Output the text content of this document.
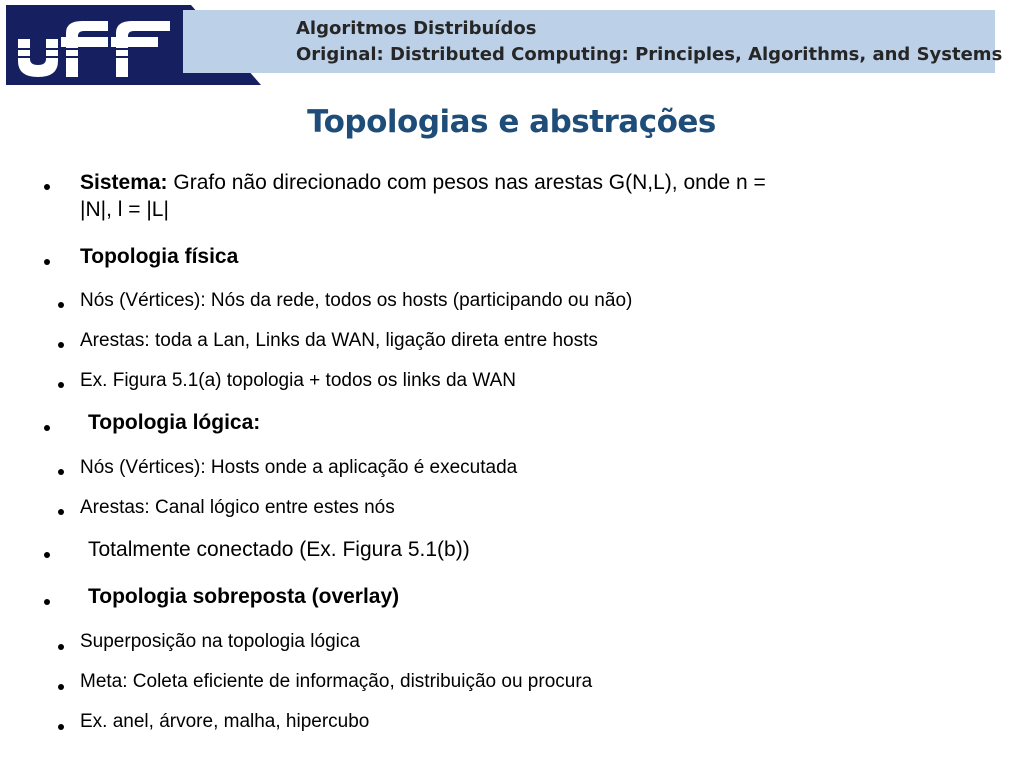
Algoritmos Distribuídos
Original: Distributed Computing: Principles, Algorithms, and Systems
Topologias e abstrações
Sistema: Grafo não direcionado com pesos nas arestas G(N,L), onde n =
|N|, l = |L|
Topologia física
Nós (Vértices): Nós da rede, todos os hosts (participando ou não)
Arestas: toda a Lan, Links da WAN, ligação direta entre hosts
Ex. Figura 5.1(a) topologia + todos os links da WAN
Topologia lógica:
Nós (Vértices): Hosts onde a aplicação é executada
Arestas: Canal lógico entre estes nós
Totalmente conectado (Ex. Figura 5.1(b))
Topologia sobreposta (overlay)
Superposição na topologia lógica
Meta: Coleta eficiente de informação, distribuição ou procura
Ex. anel, árvore, malha, hipercubo
